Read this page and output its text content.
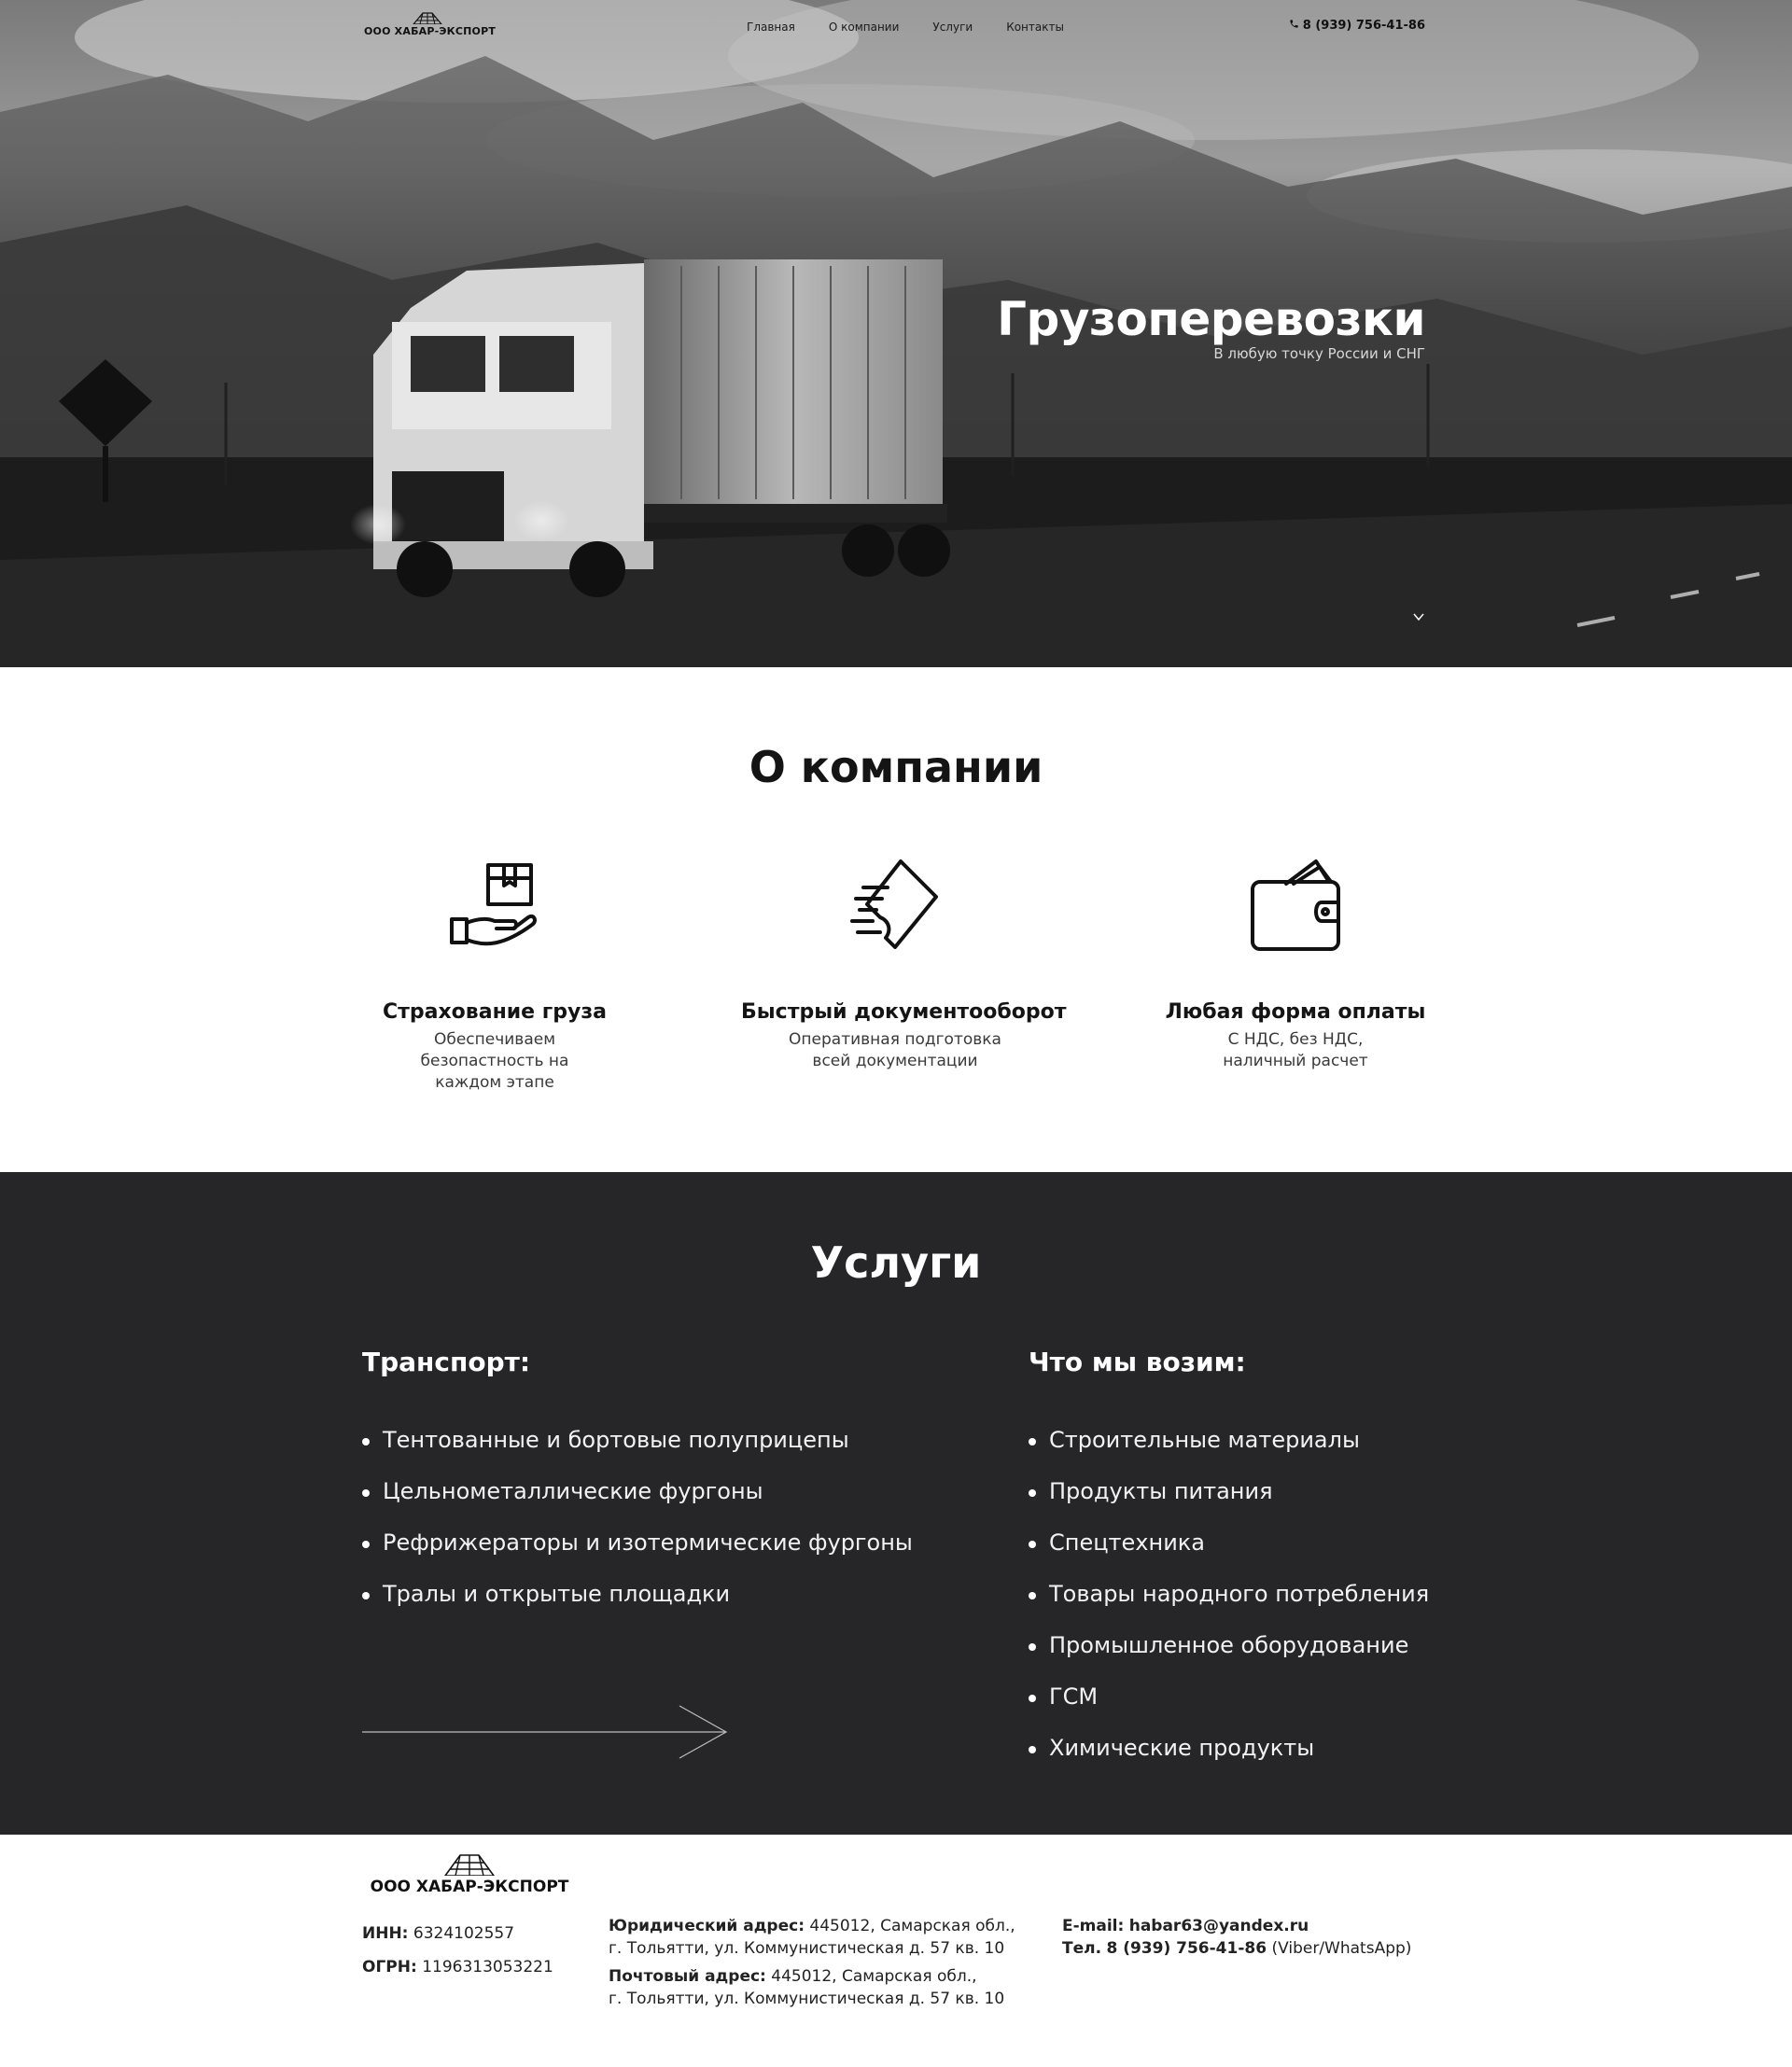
ООО ХАБАР-ЭКСПОРТ	Главная	О компании	Услуги	Контакты	8 (939) 756-41-86
Грузоперевозки

В любую точку России и СНГ

О компании
Страхование груза

Обеспечиваем безопастность на каждом этапе

Быстрый документооборот

Оперативная подготовка всей документации

Любая форма оплаты

С НДС, без НДС, наличный расчет

Услуги
Транспорт:
Тентованные и бортовые полуприцепы
Цельнометаллические фургоны
Рефрижераторы и изотермические фургоны
Тралы и открытые площадки
Что мы возим:
Строительные материалы
Продукты питания
Спецтехника
Товары народного потребления
Промышленное оборудование
ГСМ
Химические продукты
ООО ХАБАР-ЭКСПОРТ
ИНН: 6324102557
ОГРН: 1196313053221
Юридический адрес: 445012, Самарская обл.,
г. Тольятти, ул. Коммунистическая д. 57 кв. 10
Почтовый адрес: 445012, Самарская обл.,
г. Тольятти, ул. Коммунистическая д. 57 кв. 10
E-mail: habar63@yandex.ru
Тел. 8 (939) 756-41-86 (Viber/WhatsApp)
